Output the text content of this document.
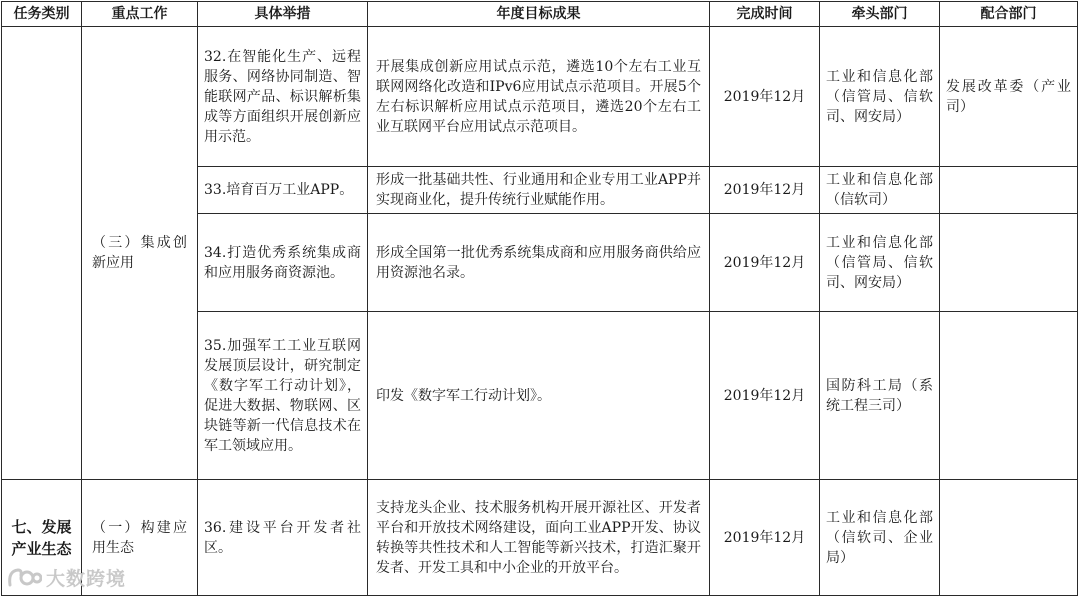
任务类别	重点工作	具体举措	年度目标成果	完成时间	牵头部门	配合部门
	（三）集成创新应用	32.在智能化生产、远程服务、网络协同制造、智能联网产品、标识解析集成等方面组织开展创新应用示范。	开展集成创新应用试点示范，遴选10个左右工业互联网网络化改造和IPv6应用试点示范项目。开展5个左右标识解析应用试点示范项目，遴选20个左右工业互联网平台应用试点示范项目。	2019年12月	工业和信息化部（信管局、信软司、网安局）	发展改革委（产业司）
		33.培育百万工业APP。	形成一批基础共性、行业通用和企业专用工业APP并实现商业化，提升传统行业赋能作用。	2019年12月	工业和信息化部（信软司）	
		34.打造优秀系统集成商和应用服务商资源池。	形成全国第一批优秀系统集成商和应用服务商供给应用资源池名录。	2019年12月	工业和信息化部（信管局、信软司、网安局）	
		35.加强军工工业互联网发展顶层设计，研究制定《数字军工行动计划》，促进大数据、物联网、区块链等新一代信息技术在军工领域应用。	印发《数字军工行动计划》。	2019年12月	国防科工局（系统工程三司）	
七、发展产业生态	（一）构建应用生态	36.建设平台开发者社区。	支持龙头企业、技术服务机构开展开源社区、开发者平台和开放技术网络建设，面向工业APP开发、协议转换等共性技术和人工智能等新兴技术，打造汇聚开发者、开发工具和中小企业的开放平台。	2019年12月	工业和信息化部（信软司、企业局）	
大数跨境
